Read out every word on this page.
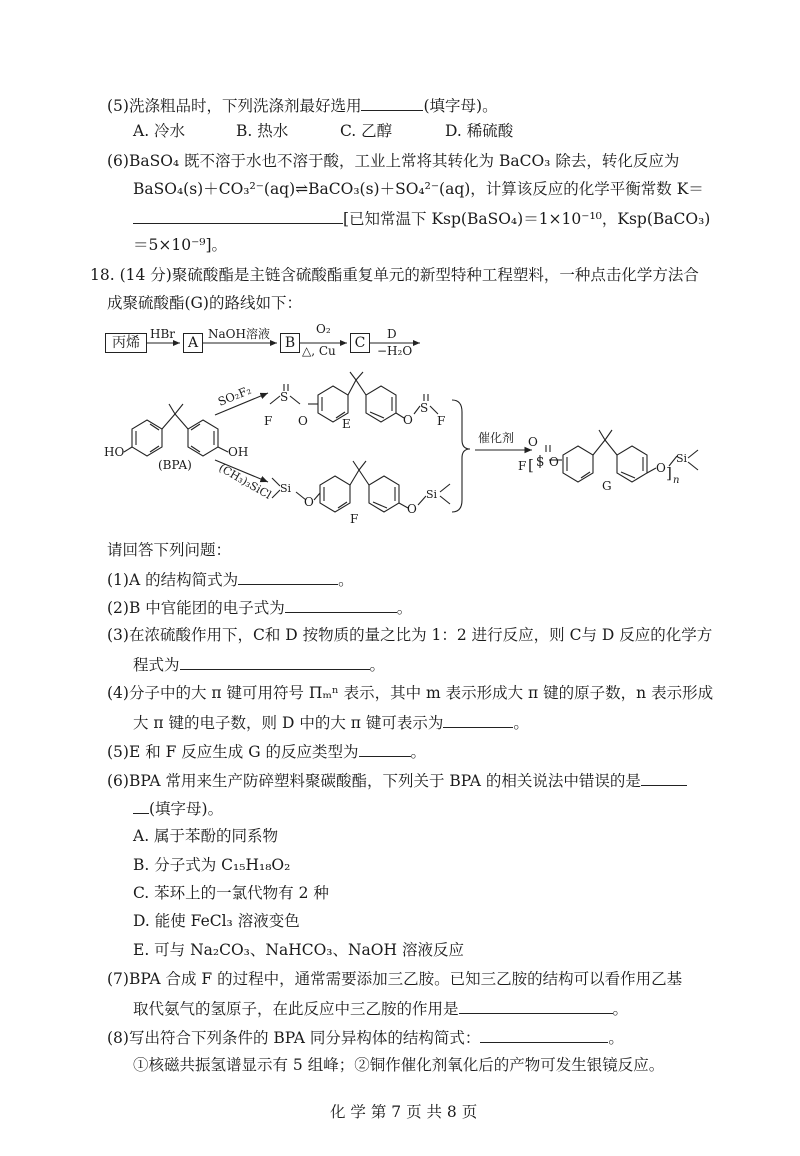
(5)洗涤粗品时，下列洗涤剂最好选用	(填字母)。
A. 冷水	B. 热水	C. 乙醇	D. 稀硫酸
(6)BaSO₄ 既不溶于水也不溶于酸，工业上常将其转化为 BaCO₃ 除去，转化反应为
BaSO₄(s)＋CO₃²⁻(aq)⇌BaCO₃(s)＋SO₄²⁻(aq)，计算该反应的化学平衡常数 K＝
[已知常温下 Ksp(BaSO₄)＝1×10⁻¹⁰，Ksp(BaCO₃)
＝5×10⁻⁹]。
18. (14 分)聚硫酸酯是主链含硫酸酯重复单元的新型特种工程塑料，一种点击化学方法合
成聚硫酸酯(G)的路线如下：
丙烯	A	B	C
HBr	NaOH溶液	O₂
△, Cu
D
−H₂O
HO	OH
(BPA)
SO₂F₂
(CH₃)₃SiCl
F
S
O	E	O
S
F
Si
O
F
O
Si
催化剂
F [ S
O
O
G
O ] n
Si
请回答下列问题：
(1)A 的结构简式为	。
(2)B 中官能团的电子式为	。
(3)在浓硫酸作用下，C和 D 按物质的量之比为 1：2 进行反应，则 C与 D 反应的化学方
程式为	。
(4)分子中的大 π 键可用符号 Πₘⁿ 表示，其中 m 表示形成大 π 键的原子数，n 表示形成
大 π 键的电子数，则 D 中的大 π 键可表示为	。
(5)E 和 F 反应生成 G 的反应类型为	。
(6)BPA 常用来生产防碎塑料聚碳酸酯，下列关于 BPA 的相关说法中错误的是
(填字母)。
A. 属于苯酚的同系物
B. 分子式为 C₁₅H₁₈O₂
C. 苯环上的一氯代物有 2 种
D. 能使 FeCl₃ 溶液变色
E. 可与 Na₂CO₃、NaHCO₃、NaOH 溶液反应
(7)BPA 合成 F 的过程中，通常需要添加三乙胺。已知三乙胺的结构可以看作用乙基
取代氨气的氢原子，在此反应中三乙胺的作用是	。
(8)写出符合下列条件的 BPA 同分异构体的结构简式：	。
①核磁共振氢谱显示有 5 组峰；②铜作催化剂氧化后的产物可发生银镜反应。
化 学 第 7 页 共 8 页
